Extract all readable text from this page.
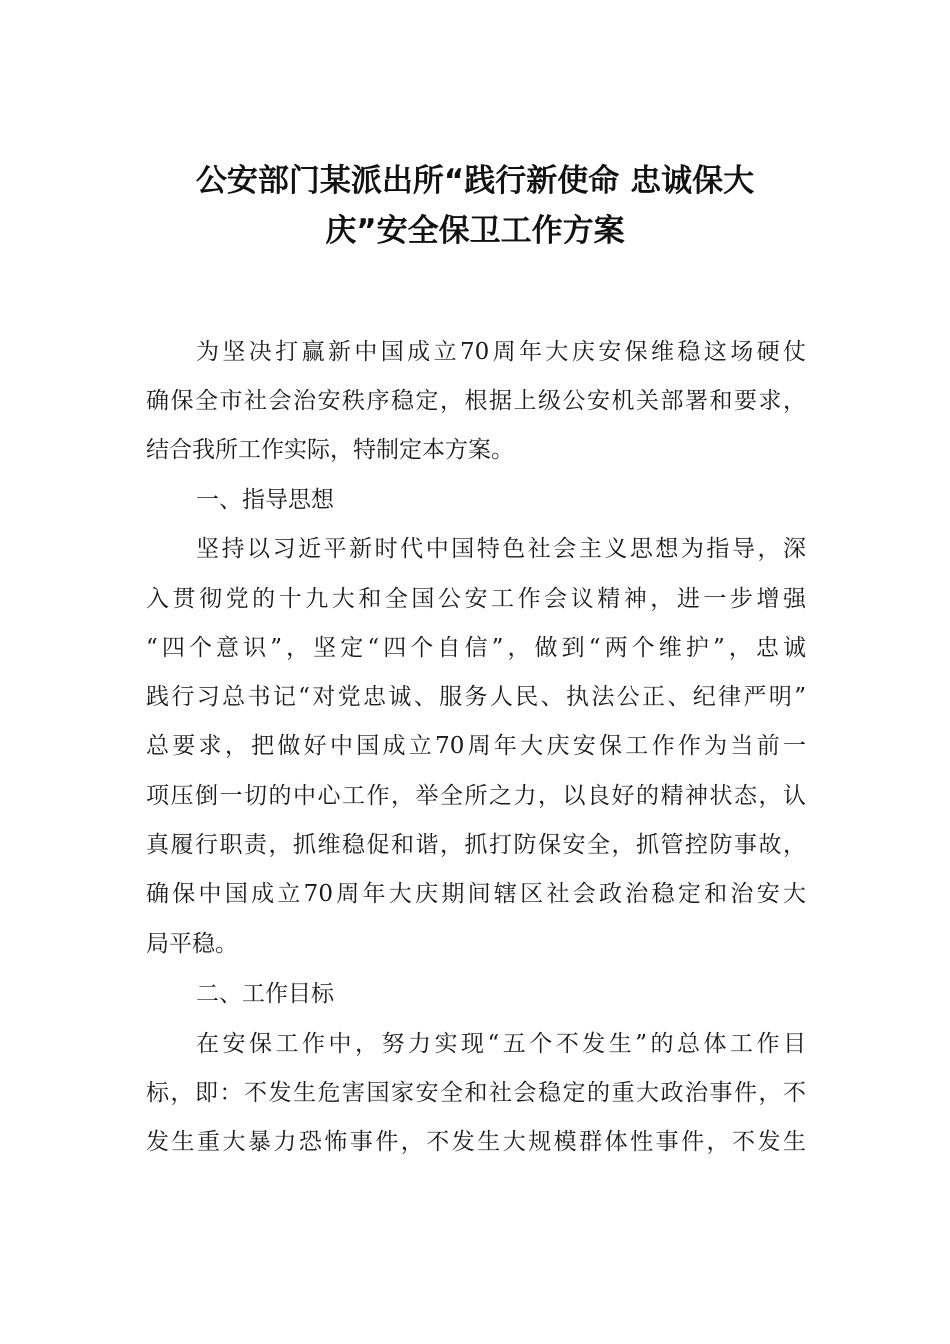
公安部门某派出所“践行新使命 忠诚保大
庆”安全保卫工作方案
为坚决打赢新中国成立70周年大庆安保维稳这场硬仗
确保全市社会治安秩序稳定，根据上级公安机关部署和要求，
结合我所工作实际，特制定本方案。
一、指导思想
坚持以习近平新时代中国特色社会主义思想为指导，深
入贯彻党的十九大和全国公安工作会议精神，进一步增强
“四个意识”，坚定“四个自信”，做到“两个维护”，忠诚
践行习总书记“对党忠诚、服务人民、执法公正、纪律严明”
总要求，把做好中国成立70周年大庆安保工作作为当前一
项压倒一切的中心工作，举全所之力，以良好的精神状态，认
真履行职责，抓维稳促和谐，抓打防保安全，抓管控防事故，
确保中国成立70周年大庆期间辖区社会政治稳定和治安大
局平稳。
二、工作目标
在安保工作中，努力实现“五个不发生”的总体工作目
标，即：不发生危害国家安全和社会稳定的重大政治事件，不
发生重大暴力恐怖事件，不发生大规模群体性事件，不发生
